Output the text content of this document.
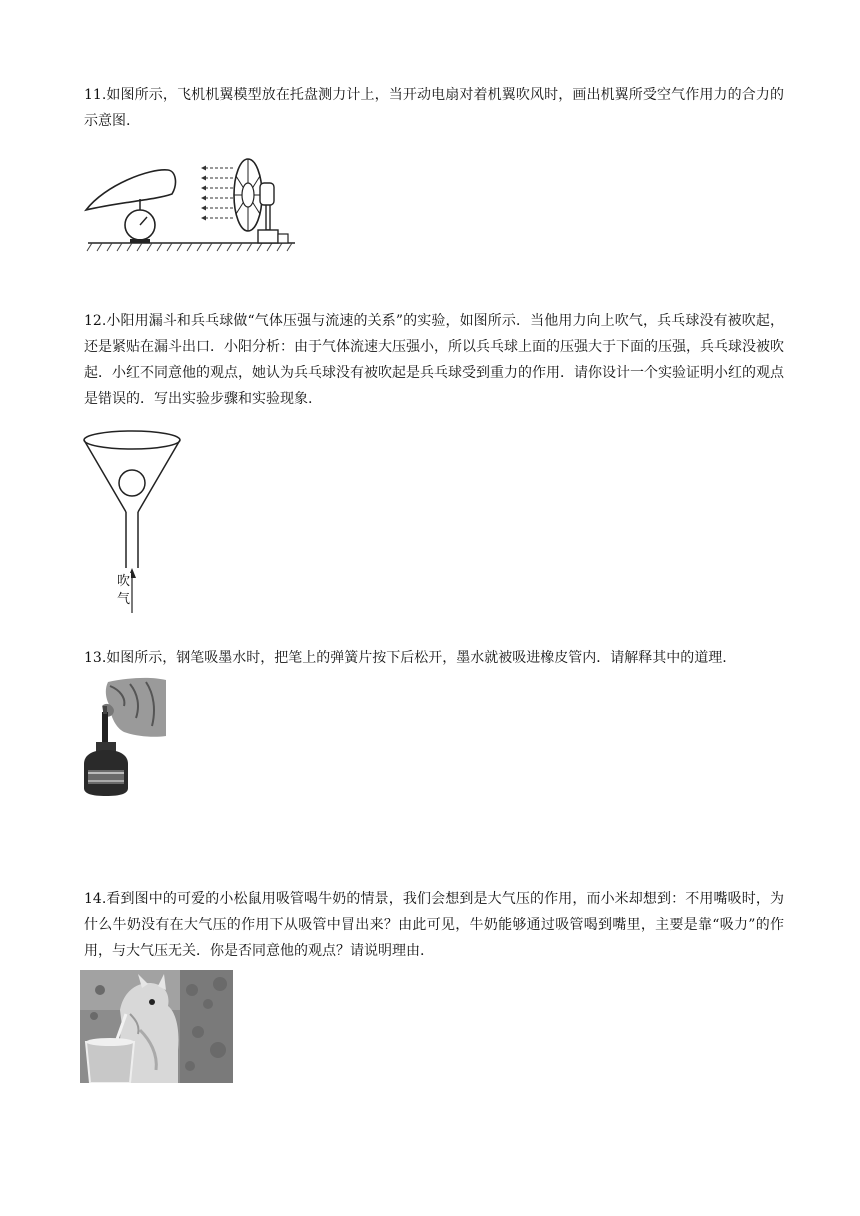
11.如图所示，飞机机翼模型放在托盘测力计上，当开动电扇对着机翼吹风时，画出机翼所受空气作用力的合力的示意图.

12.小阳用漏斗和兵乓球做“气体压强与流速的关系”的实验，如图所示．当他用力向上吹气，兵乓球没有被吹起，还是紧贴在漏斗出口．小阳分析：由于气体流速大压强小，所以兵乓球上面的压强大于下面的压强，兵乓球没被吹起．小红不同意他的观点，她认为兵乓球没有被吹起是兵乓球受到重力的作用．请你设计一个实验证明小红的观点是错误的．写出实验步骤和实验现象.

吹气

13.如图所示，钢笔吸墨水时，把笔上的弹簧片按下后松开，墨水就被吸进橡皮管内．请解释其中的道理.

14.看到图中的可爱的小松鼠用吸管喝牛奶的情景，我们会想到是大气压的作用，而小米却想到：不用嘴吸时，为什么牛奶没有在大气压的作用下从吸管中冒出来？由此可见，牛奶能够通过吸管喝到嘴里，主要是靠“吸力”的作用，与大气压无关．你是否同意他的观点？请说明理由.
